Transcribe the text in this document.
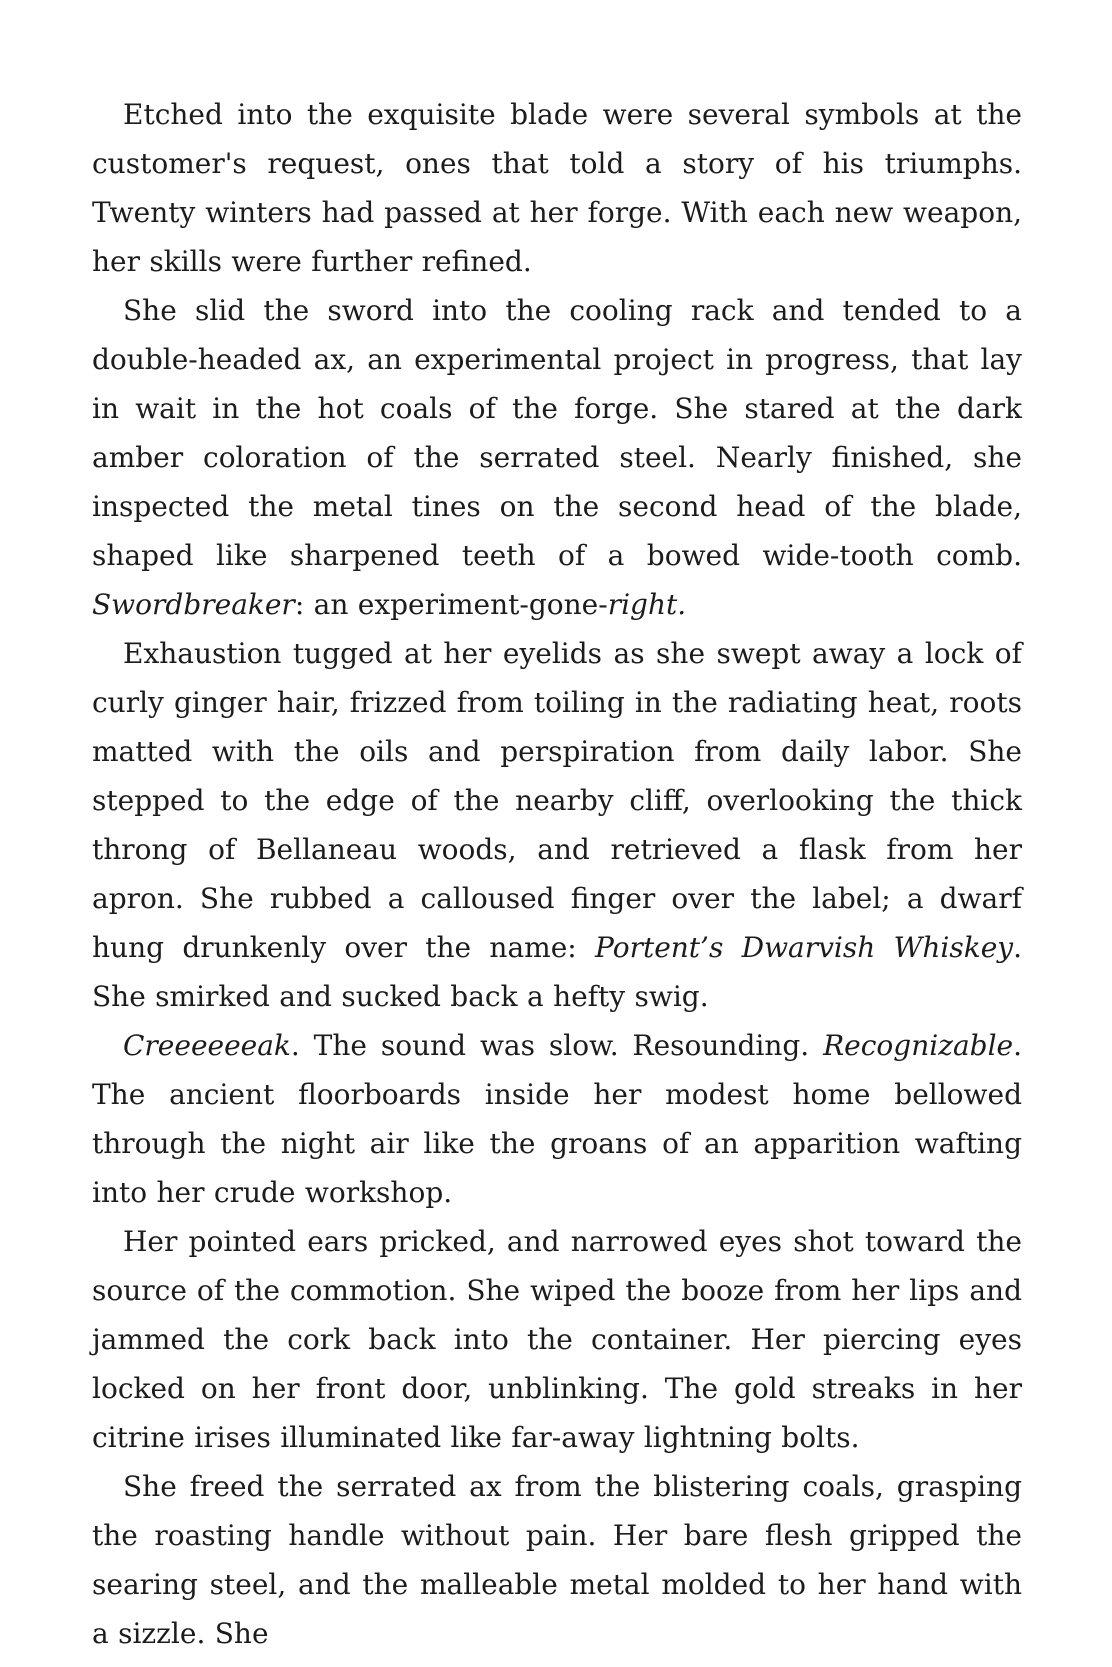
Etched into the exquisite blade were several symbols at the customer's request, ones that told a story of his triumphs. Twenty winters had passed at her forge. With each new weapon, her skills were further refined.

She slid the sword into the cooling rack and tended to a double-headed ax, an experimental project in progress, that lay in wait in the hot coals of the forge. She stared at the dark amber coloration of the serrated steel. Nearly finished, she inspected the metal tines on the second head of the blade, shaped like sharpened teeth of a bowed wide-tooth comb. Swordbreaker: an experiment-gone-right.

Exhaustion tugged at her eyelids as she swept away a lock of curly ginger hair, frizzed from toiling in the radiating heat, roots matted with the oils and perspiration from daily labor. She stepped to the edge of the nearby cliff, overlooking the thick throng of Bellaneau woods, and retrieved a flask from her apron. She rubbed a calloused finger over the label; a dwarf hung drunkenly over the name: Portent’s Dwarvish Whiskey. She smirked and sucked back a hefty swig.

Creeeeeeak. The sound was slow. Resounding. Recognizable. The ancient floorboards inside her modest home bellowed through the night air like the groans of an apparition wafting into her crude workshop.

Her pointed ears pricked, and narrowed eyes shot toward the source of the commotion. She wiped the booze from her lips and jammed the cork back into the container. Her piercing eyes locked on her front door, unblinking. The gold streaks in her citrine irises illuminated like far-away lightning bolts.

She freed the serrated ax from the blistering coals, grasping the roasting handle without pain. Her bare flesh gripped the searing steel, and the malleable metal molded to her hand with a sizzle. She
